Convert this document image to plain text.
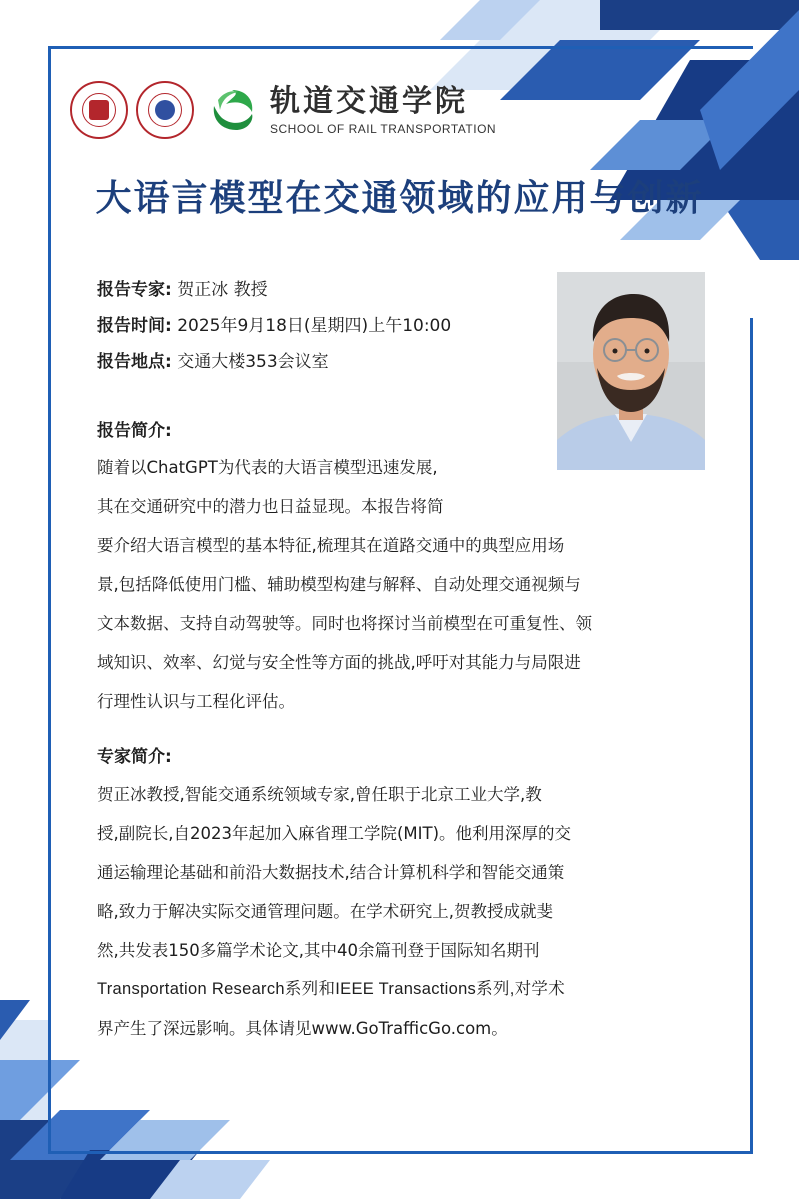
轨道交通学院
SCHOOL OF RAIL TRANSPORTATION
大语言模型在交通领域的应用与创新
报告专家: 贺正冰 教授
报告时间: 2025年9月18日(星期四)上午10:00
报告地点: 交通大楼353会议室
报告简介:

随着以ChatGPT为代表的大语言模型迅速发展,
其在交通研究中的潜力也日益显现。本报告将简
要介绍大语言模型的基本特征,梳理其在道路交通中的典型应用场
景,包括降低使用门槛、辅助模型构建与解释、自动处理交通视频与
文本数据、支持自动驾驶等。同时也将探讨当前模型在可重复性、领
域知识、效率、幻觉与安全性等方面的挑战,呼吁对其能力与局限进
行理性认识与工程化评估。

专家简介:

贺正冰教授,智能交通系统领域专家,曾任职于北京工业大学,教
授,副院长,自2023年起加入麻省理工学院(MIT)。他利用深厚的交
通运输理论基础和前沿大数据技术,结合计算机科学和智能交通策
略,致力于解决实际交通管理问题。在学术研究上,贺教授成就斐
然,共发表150多篇学术论文,其中40余篇刊登于国际知名期刊
Transportation Research系列和IEEE Transactions系列,对学术
界产生了深远影响。具体请见www.GoTrafficGo.com。
